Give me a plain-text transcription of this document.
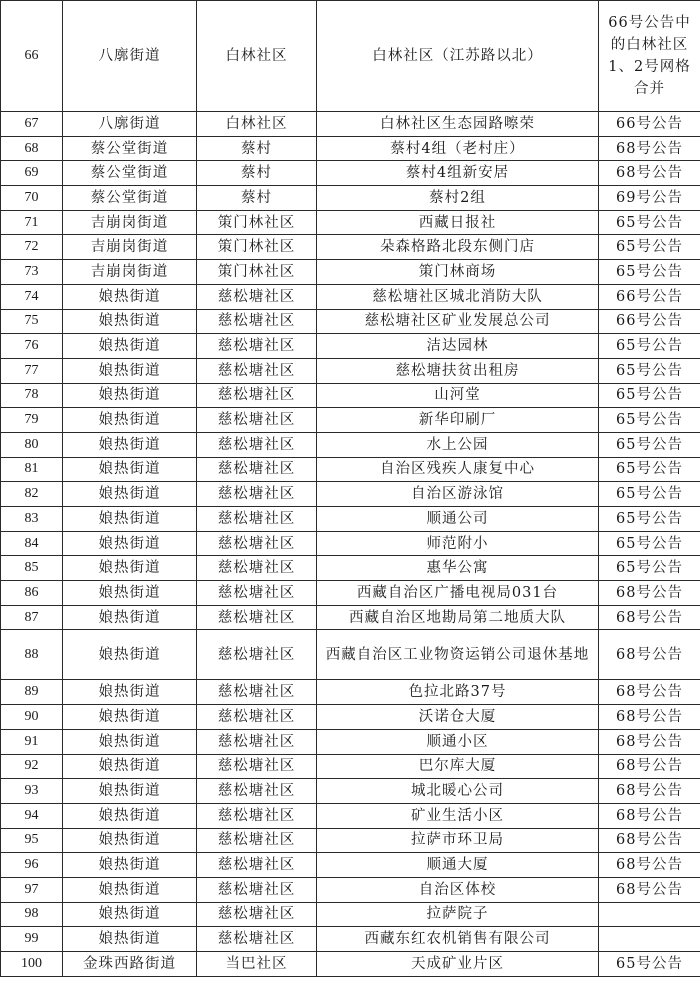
66	八廓街道	白林社区	白林社区（江苏路以北）	66号公告中的白林社区1、2号网格合并
67	八廓街道	白林社区	白林社区生态园路嚓荣	66号公告
68	蔡公堂街道	蔡村	蔡村4组（老村庄）	68号公告
69	蔡公堂街道	蔡村	蔡村4组新安居	68号公告
70	蔡公堂街道	蔡村	蔡村2组	69号公告
71	吉崩岗街道	策门林社区	西藏日报社	65号公告
72	吉崩岗街道	策门林社区	朵森格路北段东侧门店	65号公告
73	吉崩岗街道	策门林社区	策门林商场	65号公告
74	娘热街道	慈松塘社区	慈松塘社区城北消防大队	66号公告
75	娘热街道	慈松塘社区	慈松塘社区矿业发展总公司	66号公告
76	娘热街道	慈松塘社区	洁达园林	65号公告
77	娘热街道	慈松塘社区	慈松塘扶贫出租房	65号公告
78	娘热街道	慈松塘社区	山河堂	65号公告
79	娘热街道	慈松塘社区	新华印刷厂	65号公告
80	娘热街道	慈松塘社区	水上公园	65号公告
81	娘热街道	慈松塘社区	自治区残疾人康复中心	65号公告
82	娘热街道	慈松塘社区	自治区游泳馆	65号公告
83	娘热街道	慈松塘社区	顺通公司	65号公告
84	娘热街道	慈松塘社区	师范附小	65号公告
85	娘热街道	慈松塘社区	惠华公寓	65号公告
86	娘热街道	慈松塘社区	西藏自治区广播电视局031台	68号公告
87	娘热街道	慈松塘社区	西藏自治区地勘局第二地质大队	68号公告
88	娘热街道	慈松塘社区	西藏自治区工业物资运销公司退休基地	68号公告
89	娘热街道	慈松塘社区	色拉北路37号	68号公告
90	娘热街道	慈松塘社区	沃诺仓大厦	68号公告
91	娘热街道	慈松塘社区	顺通小区	68号公告
92	娘热街道	慈松塘社区	巴尔库大厦	68号公告
93	娘热街道	慈松塘社区	城北暖心公司	68号公告
94	娘热街道	慈松塘社区	矿业生活小区	68号公告
95	娘热街道	慈松塘社区	拉萨市环卫局	68号公告
96	娘热街道	慈松塘社区	顺通大厦	68号公告
97	娘热街道	慈松塘社区	自治区体校	68号公告
98	娘热街道	慈松塘社区	拉萨院子	
99	娘热街道	慈松塘社区	西藏东红农机销售有限公司	
100	金珠西路街道	当巴社区	天成矿业片区	65号公告
